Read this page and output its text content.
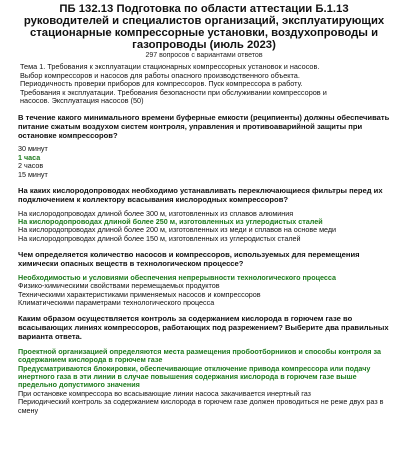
ПБ 132.13 Подготовка по области аттестации Б.1.13 руководителей и специалистов организаций, эксплуатирующих стационарные компрессорные установки, воздухопроводы и газопроводы (июль 2023)
297 вопросов с вариантами ответов
Тема 1. Требования к эксплуатации стационарных компрессорных установок и насосов.
Выбор компрессоров и насосов для работы опасного производственного объекта.
Периодичность проверки приборов для компрессоров. Пуск компрессора в работу.
Требования к эксплуатации. Требования безопасности при обслуживании компрессоров и
насосов. Эксплуатация насосов (50)
В течение какого минимального времени буферные емкости (реципиенты) должны обеспечивать питание сжатым воздухом систем контроля, управления и противоаварийной защиты при остановке компрессоров?
30 минут
1 часа
2 часов
15 минут
На каких кислородопроводах необходимо устанавливать переключающиеся фильтры перед их подключением к коллектору всасывания кислородных компрессоров?
На кислородопроводах длиной более 300 м, изготовленных из сплавов алюминия
На кислородопроводах длиной более 250 м, изготовленных из углеродистых сталей
На кислородопроводах длиной более 200 м, изготовленных из меди и сплавов на основе меди
На кислородопроводах длиной более 150 м, изготовленных из углеродистых сталей
Чем определяется количество насосов и компрессоров, используемых для перемещения химически опасных веществ в технологическом процессе?
Необходимостью и условиями обеспечения непрерывности технологического процесса
Физико-химическими свойствами перемещаемых продуктов
Техническими характеристиками применяемых насосов и компрессоров
Климатическими параметрами технологического процесса
Каким образом осуществляется контроль за содержанием кислорода в горючем газе во всасывающих линиях компрессоров, работающих под разрежением? Выберите два правильных варианта ответа.
Проектной организацией определяются места размещения пробоотборников и способы контроля за содержанием кислорода в горючем газе
Предусматриваются блокировки, обеспечивающие отключение привода компрессора или подачу инертного газа в эти линии в случае повышения содержания кислорода в горючем газе выше предельно допустимого значения
При остановке компрессора во всасывающие линии насоса закачивается инертный газ
Периодический контроль за содержанием кислорода в горючем газе должен проводиться не реже двух раз в смену
